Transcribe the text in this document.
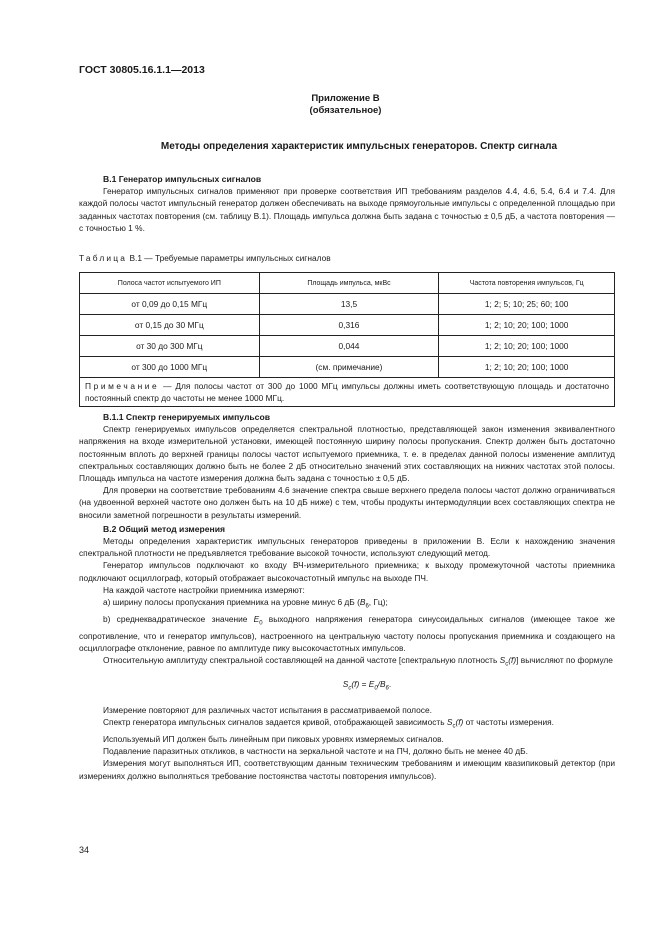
ГОСТ 30805.16.1.1—2013
Приложение В
(обязательное)
Методы определения характеристик импульсных генераторов. Спектр сигнала
В.1 Генератор импульсных сигналов

Генератор импульсных сигналов применяют при проверке соответствия ИП требованиям разделов 4.4, 4.6, 5.4, 6.4 и 7.4. Для каждой полосы частот импульсный генератор должен обеспечивать на выходе прямоугольные импульсы с определенной площадью при заданных частотах повторения (см. таблицу В.1). Площадь импульса должна быть задана с точностью ± 0,5 дБ, а частота повторения — с точностью 1 %.

Таблица В.1 — Требуемые параметры импульсных сигналов
Полоса частот испытуемого ИП	Площадь импульса, мкВс	Частота повторения импульсов, Гц
от 0,09 до 0,15 МГц	13,5	1; 2; 5; 10; 25; 60; 100
от 0,15 до 30 МГц	0,316	1; 2; 10; 20; 100; 1000
от 30 до 300 МГц	0,044	1; 2; 10; 20; 100; 1000
от 300 до 1000 МГц	(см. примечание)	1; 2; 10; 20; 100; 1000
Примечание — Для полосы частот от 300 до 1000 МГц импульсы должны иметь соответствующую площадь и достаточно постоянный спектр до частоты не менее 1000 МГц.		
В.1.1 Спектр генерируемых импульсов

Спектр генерируемых импульсов определяется спектральной плотностью, представляющей закон изменения эквивалентного напряжения на входе измерительной установки, имеющей постоянную ширину полосы пропускания. Спектр должен быть достаточно постоянным вплоть до верхней границы полосы частот испытуемого приемника, т. е. в пределах данной полосы изменение амплитуд спектральных составляющих должно быть не более 2 дБ относительно значений этих составляющих на нижних частотах этой полосы. Площадь импульса на частоте измерения должна быть задана с точностью ± 0,5 дБ.

Для проверки на соответствие требованиям 4.6 значение спектра свыше верхнего предела полосы частот должно ограничиваться (на удвоенной верхней частоте оно должен быть на 10 дБ ниже) с тем, чтобы продукты интермодуляции всех составляющих спектра не вносили заметной погрешности в результаты измерений.

В.2 Общий метод измерения

Методы определения характеристик импульсных генераторов приведены в приложении В. Если к нахождению значения спектральной плотности не предъявляется требование высокой точности, используют следующий метод.

Генератор импульсов подключают ко входу ВЧ-измерительного приемника; к выходу промежуточной частоты приемника подключают осциллограф, который отображает высокочастотный импульс на выходе ПЧ.

На каждой частоте настройки приемника измеряют:

а) ширину полосы пропускания приемника на уровне минус 6 дБ ($B_6$, Гц);

b) среднеквадратическое значение $E_0$ выходного напряжения генератора синусоидальных сигналов (имеющее такое же сопротивление, что и генератор импульсов), настроенного на центральную частоту полосы пропускания приемника и создающего на осциллографе отклонение, равное по амплитуде пику высокочастотных импульсов.

Относительную амплитуду спектральной составляющей на данной частоте [спектральную плотность $S_c(f)$] вычисляют по формуле

$S_c(f) = E_0/B_6$.

Измерение повторяют для различных частот испытания в рассматриваемой полосе.

Спектр генератора импульсных сигналов задается кривой, отображающей зависимость $S_c(f)$ от частоты измерения.

Используемый ИП должен быть линейным при пиковых уровнях измеряемых сигналов.

Подавление паразитных откликов, в частности на зеркальной частоте и на ПЧ, должно быть не менее 40 дБ.

Измерения могут выполняться ИП, соответствующим данным техническим требованиям и имеющим квазипиковый детектор (при измерениях должно выполняться требование постоянства частоты повторения импульсов).

34
